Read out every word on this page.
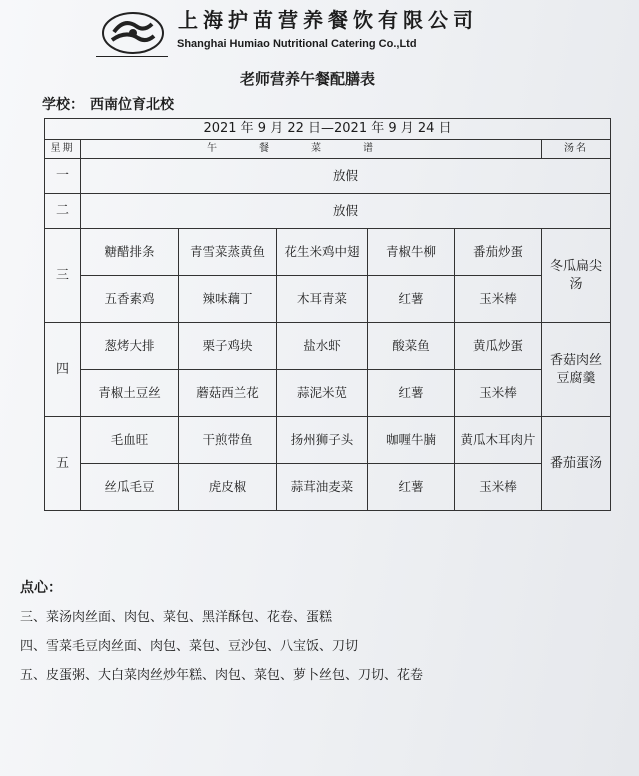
上海护苗营养餐饮有限公司
Shanghai Humiao Nutritional Catering Co.,Ltd
老师营养午餐配膳表
学校： 西南位育北校
2021 年 9 月 22 日—2021 年 9 月 24 日						
星期	午餐菜谱					汤名
一	放假					
二	放假					
三	糖醋排条	青雪菜蒸黄鱼	花生米鸡中翅	青椒牛柳	番茄炒蛋	冬瓜扁尖汤
	五香素鸡	辣味藕丁	木耳青菜	红薯	玉米棒	
四	葱烤大排	栗子鸡块	盐水虾	酸菜鱼	黄瓜炒蛋	香菇肉丝豆腐羹
	青椒土豆丝	蘑菇西兰花	蒜泥米苋	红薯	玉米棒	
五	毛血旺	干煎带鱼	扬州狮子头	咖喱牛腩	黄瓜木耳肉片	番茄蛋汤
	丝瓜毛豆	虎皮椒	蒜茸油麦菜	红薯	玉米棒	
点心：
三、菜汤肉丝面、肉包、菜包、黑洋酥包、花卷、蛋糕
四、雪菜毛豆肉丝面、肉包、菜包、豆沙包、八宝饭、刀切
五、皮蛋粥、大白菜肉丝炒年糕、肉包、菜包、萝卜丝包、刀切、花卷
